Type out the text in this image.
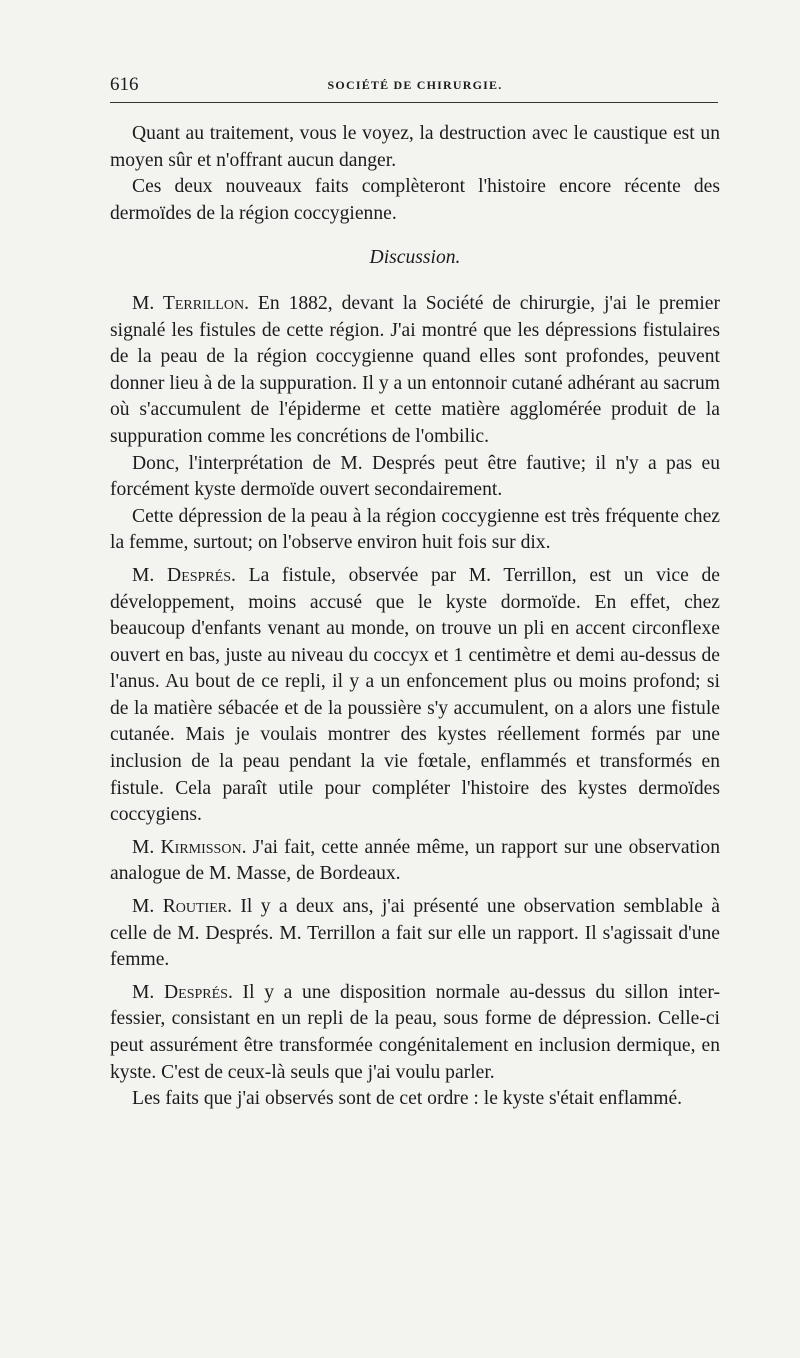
616	SOCIÉTÉ DE CHIRURGIE.

Quant au traitement, vous le voyez, la destruction avec le caustique est un moyen sûr et n'offrant aucun danger.

Ces deux nouveaux faits complèteront l'histoire encore récente des dermoïdes de la région coccygienne.

Discussion.

M. Terrillon. En 1882, devant la Société de chirurgie, j'ai le premier signalé les fistules de cette région. J'ai montré que les dépressions fistulaires de la peau de la région coccygienne quand elles sont profondes, peuvent donner lieu à de la suppuration. Il y a un entonnoir cutané adhérant au sacrum où s'accumulent de l'épiderme et cette matière agglomérée produit de la suppuration comme les concrétions de l'ombilic.

Donc, l'interprétation de M. Després peut être fautive; il n'y a pas eu forcément kyste dermoïde ouvert secondairement.

Cette dépression de la peau à la région coccygienne est très fréquente chez la femme, surtout; on l'observe environ huit fois sur dix.

M. Després. La fistule, observée par M. Terrillon, est un vice de développement, moins accusé que le kyste dormoïde. En effet, chez beaucoup d'enfants venant au monde, on trouve un pli en accent circonflexe ouvert en bas, juste au niveau du coccyx et 1 centimètre et demi au-dessus de l'anus. Au bout de ce repli, il y a un enfoncement plus ou moins profond; si de la matière sébacée et de la poussière s'y accumulent, on a alors une fistule cutanée. Mais je voulais montrer des kystes réellement formés par une inclusion de la peau pendant la vie fœtale, enflammés et transformés en fistule. Cela paraît utile pour compléter l'histoire des kystes dermoïdes coccygiens.

M. Kirmisson. J'ai fait, cette année même, un rapport sur une observation analogue de M. Masse, de Bordeaux.

M. Routier. Il y a deux ans, j'ai présenté une observation semblable à celle de M. Després. M. Terrillon a fait sur elle un rapport. Il s'agissait d'une femme.

M. Després. Il y a une disposition normale au-dessus du sillon inter-fessier, consistant en un repli de la peau, sous forme de dépression. Celle-ci peut assurément être transformée congénitalement en inclusion dermique, en kyste. C'est de ceux-là seuls que j'ai voulu parler.

Les faits que j'ai observés sont de cet ordre : le kyste s'était enflammé.
